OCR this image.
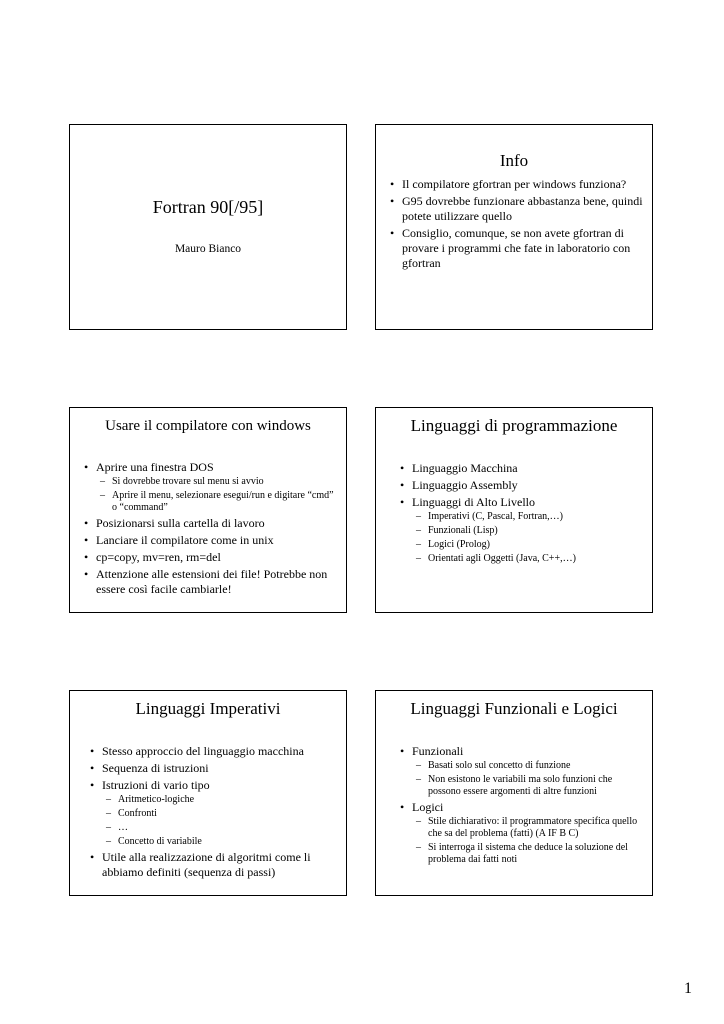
Fortran 90[/95]
Mauro Bianco
Info
• Il compilatore gfortran per windows funziona?
• G95 dovrebbe funzionare abbastanza bene, quindi potete utilizzare quello
• Consiglio, comunque, se non avete gfortran di provare i programmi che fate in laboratorio con gfortran
Usare il compilatore con windows
• Aprire una finestra DOS
– Si dovrebbe trovare sul menu si avvio
– Aprire il menu, selezionare esegui/run e digitare “cmd” o “command”
• Posizionarsi sulla cartella di lavoro
• Lanciare il compilatore come in unix
• cp=copy, mv=ren, rm=del
• Attenzione alle estensioni dei file! Potrebbe non essere così facile cambiarle!
Linguaggi di programmazione
• Linguaggio Macchina
• Linguaggio Assembly
• Linguaggi di Alto Livello
– Imperativi (C, Pascal, Fortran,…)
– Funzionali (Lisp)
– Logici (Prolog)
– Orientati agli Oggetti (Java, C++,…)
Linguaggi Imperativi
• Stesso approccio del linguaggio macchina
• Sequenza di istruzioni
• Istruzioni di vario tipo
– Aritmetico-logiche
– Confronti
– …
– Concetto di variabile
• Utile alla realizzazione di algoritmi come li abbiamo definiti (sequenza di passi)
Linguaggi Funzionali e Logici
• Funzionali
– Basati solo sul concetto di funzione
– Non esistono le variabili ma solo funzioni che possono essere argomenti di altre funzioni
• Logici
– Stile dichiarativo: il programmatore specifica quello che sa del problema (fatti) (A IF B C)
– Si interroga il sistema che deduce la soluzione del problema dai fatti noti
1
